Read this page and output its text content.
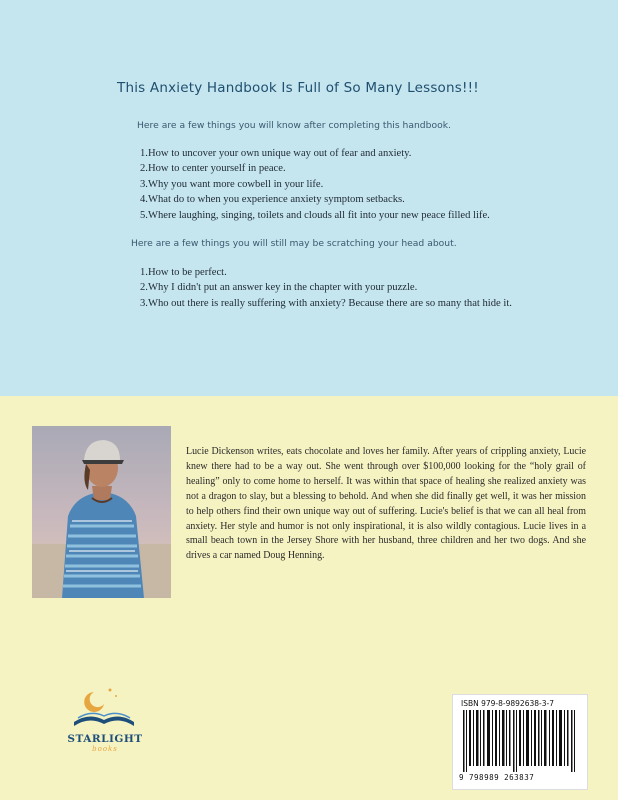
This Anxiety Handbook Is Full of So Many Lessons!!!
Here are a few things you will know after completing this handbook.
1.How to uncover your own unique way out of fear and anxiety.
2.How to center yourself in peace.
3.Why you want more cowbell in your life.
4.What do to when you experience anxiety symptom setbacks.
5.Where laughing, singing, toilets and clouds all fit into your new peace filled life.
Here are a few things you will still may be scratching your head about.
1.How to be perfect.
2.Why I didn't put an answer key in the chapter with your puzzle.
3.Who out there is really suffering with anxiety? Because there are so many that hide it.
Lucie Dickenson writes, eats chocolate and loves her family. After years of crippling anxiety, Lucie knew there had to be a way out. She went through over $100,000 looking for the “holy grail of healing” only to come home to herself. It was within that space of healing she realized anxiety was not a dragon to slay, but a blessing to behold. And when she did finally get well, it was her mission to help others find their own unique way out of suffering. Lucie's belief is that we can all heal from anxiety. Her style and humor is not only inspirational, it is also wildly contagious. Lucie lives in a small beach town in the Jersey Shore with her husband, three children and her two dogs. And she drives a car named Doug Henning.
STARLIGHT
books
ISBN 979-8-9892638-3-7
9 798989 263837
